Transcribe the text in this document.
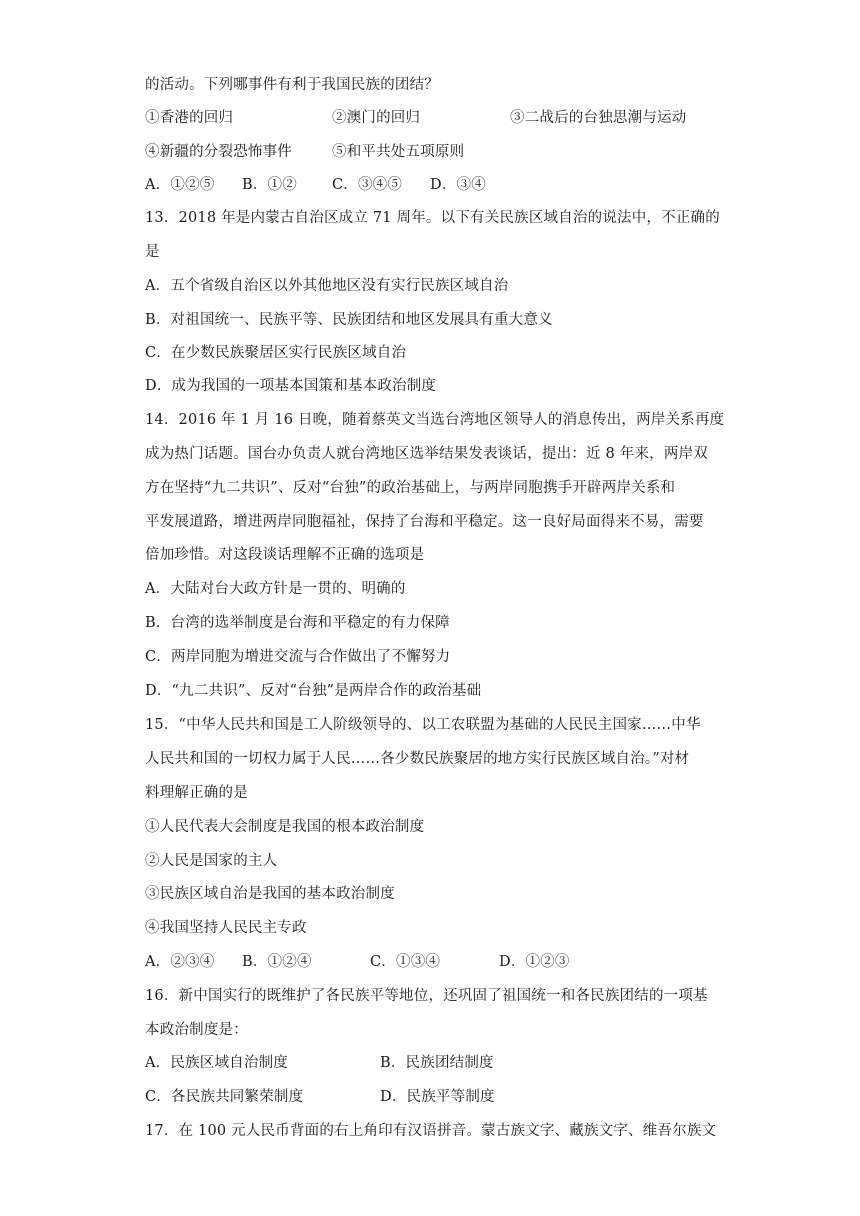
的活动。下列哪事件有利于我国民族的团结？
①香港的回归	②澳门的回归	③二战后的台独思潮与运动
④新疆的分裂恐怖事件	⑤和平共处五项原则
A．①②⑤ B．①② C．③④⑤ D．③④
13．2018 年是内蒙古自治区成立 71 周年。以下有关民族区域自治的说法中，不正确的
是
A．五个省级自治区以外其他地区没有实行民族区域自治
B．对祖国统一、民族平等、民族团结和地区发展具有重大意义
C．在少数民族聚居区实行民族区域自治
D．成为我国的一项基本国策和基本政治制度
14．2016 年 1 月 16 日晚，随着蔡英文当选台湾地区领导人的消息传出，两岸关系再度
成为热门话题。国台办负责人就台湾地区选举结果发表谈话，提出：近 8 年来，两岸双
方在坚持“九二共识”、反对“台独”的政治基础上，与两岸同胞携手开辟两岸关系和
平发展道路，增进两岸同胞福祉，保持了台海和平稳定。这一良好局面得来不易，需要
倍加珍惜。对这段谈话理解不正确的选项是
A．大陆对台大政方针是一贯的、明确的
B．台湾的选举制度是台海和平稳定的有力保障
C．两岸同胞为增进交流与合作做出了不懈努力
D．“九二共识”、反对“台独”是两岸合作的政治基础
15．“中华人民共和国是工人阶级领导的、以工农联盟为基础的人民民主国家……中华
人民共和国的一切权力属于人民……各少数民族聚居的地方实行民族区域自治。”对材
料理解正确的是
①人民代表大会制度是我国的根本政治制度
②人民是国家的主人
③民族区域自治是我国的基本政治制度
④我国坚持人民民主专政
A．②③④ B．①②④	C．①③④	D．①②③
16．新中国实行的既维护了各民族平等地位，还巩固了祖国统一和各民族团结的一项基
本政治制度是：
A．民族区域自治制度	B．民族团结制度
C．各民族共同繁荣制度	D．民族平等制度
17．在 100 元人民币背面的右上角印有汉语拼音。蒙古族文字、藏族文字、维吾尔族文
